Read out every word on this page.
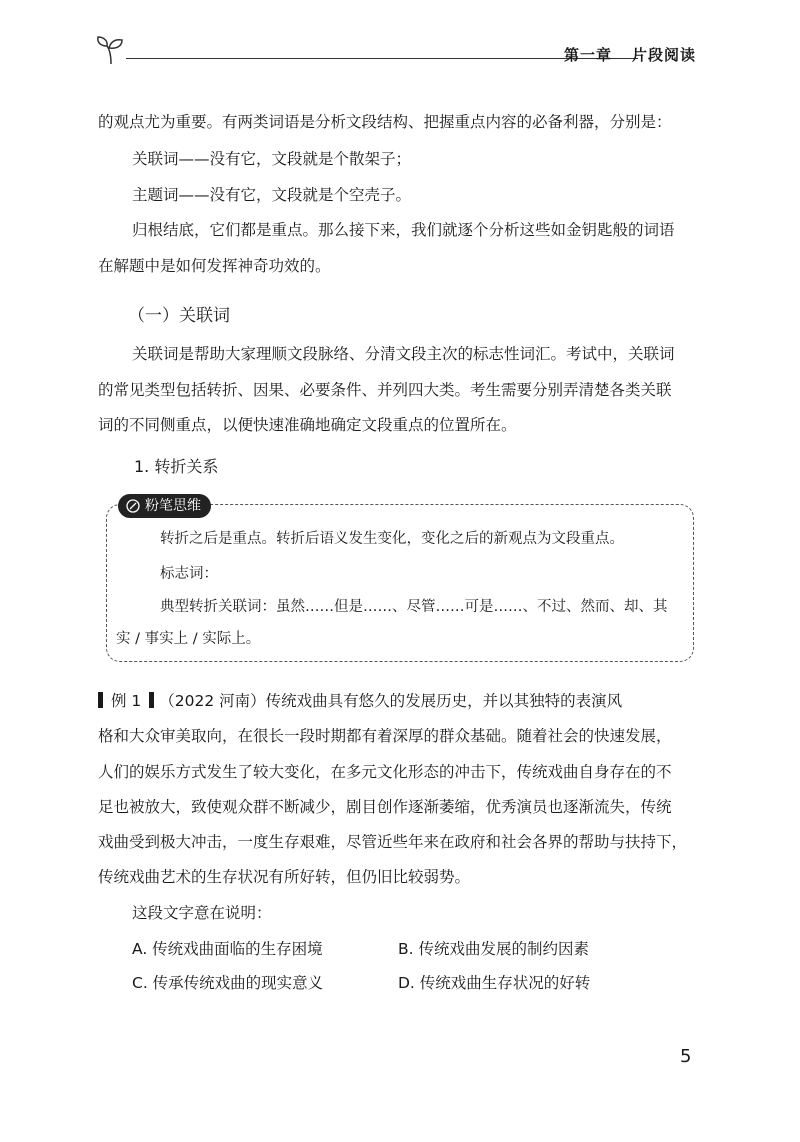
第一章 片段阅读
的观点尤为重要。有两类词语是分析文段结构、把握重点内容的必备利器，分别是：
关联词——没有它，文段就是个散架子；
主题词——没有它，文段就是个空壳子。
归根结底，它们都是重点。那么接下来，我们就逐个分析这些如金钥匙般的词语
在解题中是如何发挥神奇功效的。
（一）关联词
关联词是帮助大家理顺文段脉络、分清文段主次的标志性词汇。考试中，关联词
的常见类型包括转折、因果、必要条件、并列四大类。考生需要分别弄清楚各类关联
词的不同侧重点，以便快速准确地确定文段重点的位置所在。
1. 转折关系
粉笔思维
转折之后是重点。转折后语义发生变化，变化之后的新观点为文段重点。
标志词：
典型转折关联词：虽然……但是……、尽管……可是……、不过、然而、却、其
实 / 事实上 / 实际上。
例 1 （2022 河南）传统戏曲具有悠久的发展历史，并以其独特的表演风
格和大众审美取向，在很长一段时期都有着深厚的群众基础。随着社会的快速发展，
人们的娱乐方式发生了较大变化，在多元文化形态的冲击下，传统戏曲自身存在的不
足也被放大，致使观众群不断减少，剧目创作逐渐萎缩，优秀演员也逐渐流失，传统
戏曲受到极大冲击，一度生存艰难，尽管近些年来在政府和社会各界的帮助与扶持下，
传统戏曲艺术的生存状况有所好转，但仍旧比较弱势。
这段文字意在说明：
A. 传统戏曲面临的生存困境	B. 传统戏曲发展的制约因素
C. 传承传统戏曲的现实意义	D. 传统戏曲生存状况的好转
5
